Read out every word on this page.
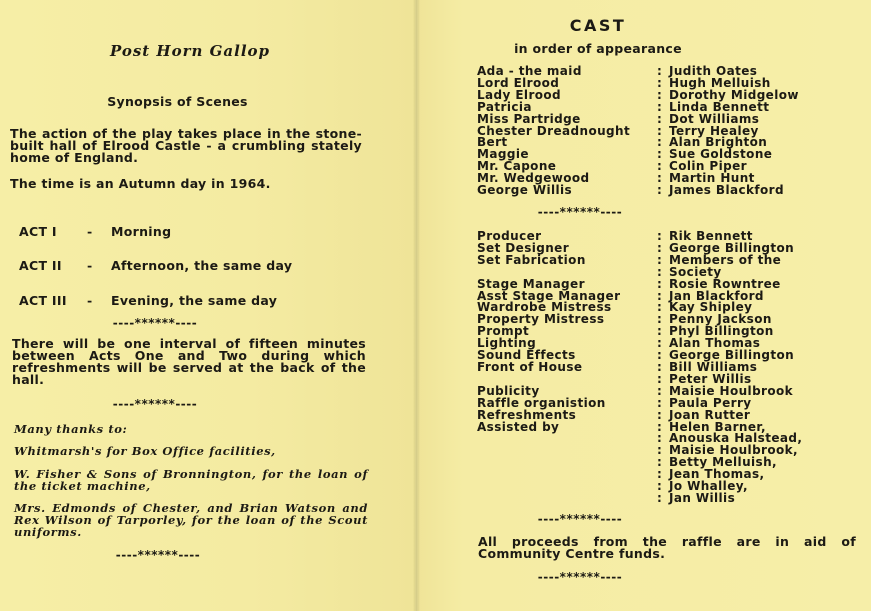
Post Horn Gallop
Synopsis of Scenes
The action of the play takes place in the stone-built hall of Elrood Castle - a crumbling stately home of England.
The time is an Autumn day in 1964.
ACT I - Morning
ACT II - Afternoon, the same day
ACT III - Evening, the same day
----******----
There will be one interval of fifteen minutes between Acts One and Two during which refreshments will be served at the back of the hall.
----******----
Many thanks to:
Whitmarsh's for Box Office facilities,
W. Fisher & Sons of Bronnington, for the loan of the ticket machine,
Mrs. Edmonds of Chester, and Brian Watson and Rex Wilson of Tarporley, for the loan of the Scout uniforms.
----******----
CAST
in order of appearance
Ada - the maid	: Judith Oates
Lord Elrood	: Hugh Melluish
Lady Elrood	: Dorothy Midgelow
Patricia	: Linda Bennett
Miss Partridge	: Dot Williams
Chester Dreadnought	: Terry Healey
Bert	: Alan Brighton
Maggie	: Sue Goldstone
Mr. Capone	: Colin Piper
Mr. Wedgewood	: Martin Hunt
George Willis	: James Blackford
----******----
Producer	: Rik Bennett
Set Designer	: George Billington
Set Fabrication	: Members of the
: Society
Stage Manager	: Rosie Rowntree
Asst Stage Manager	: Jan Blackford
Wardrobe Mistress	: Kay Shipley
Property Mistress	: Penny Jackson
Prompt	: Phyl Billington
Lighting	: Alan Thomas
Sound Effects	: George Billington
Front of House	: Bill Williams
: Peter Willis
Publicity	: Maisie Houlbrook
Raffle organistion	: Paula Perry
Refreshments	: Joan Rutter
Assisted by	: Helen Barner,
: Anouska Halstead,
: Maisie Houlbrook,
: Betty Melluish,
: Jean Thomas,
: Jo Whalley,
: Jan Willis
----******----
All proceeds from the raffle are in aid of Community Centre funds.
----******----
